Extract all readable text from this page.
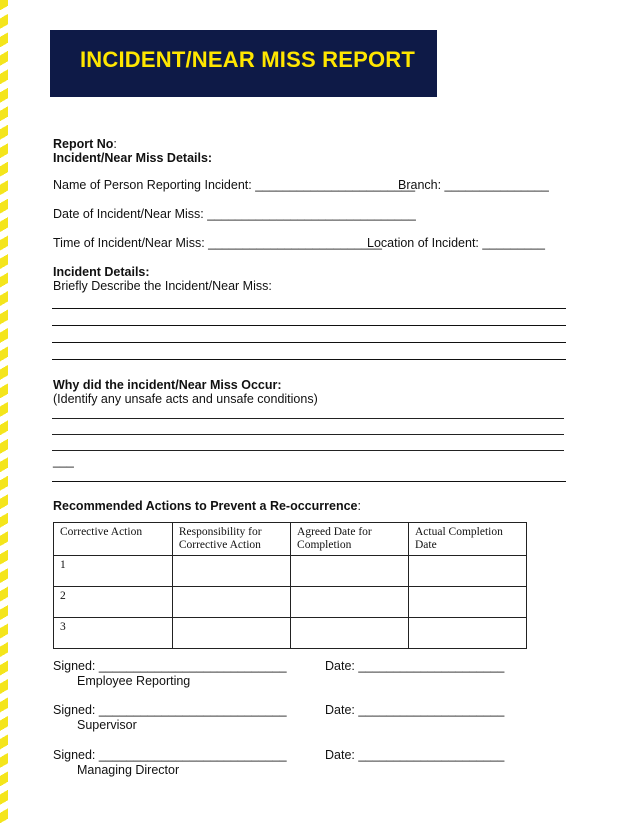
INCIDENT/NEAR MISS REPORT
Report No:
Incident/Near Miss Details:
Name of Person Reporting Incident: _______________________
Branch: _______________
Date of Incident/Near Miss: ______________________________
Time of Incident/Near Miss: _________________________
Location of Incident: _________
Incident Details:
Briefly Describe the Incident/Near Miss:
Why did the incident/Near Miss Occur:
(Identify any unsafe acts and unsafe conditions)
___
Recommended Actions to Prevent a Re-occurrence:
Corrective Action	Responsibility for Corrective Action	Agreed Date for Completion	Actual Completion Date
1			
2			
3			
Signed: ___________________________	Date: _____________________
Employee Reporting
Signed: ___________________________	Date: _____________________
Supervisor
Signed: ___________________________	Date: _____________________
Managing Director
